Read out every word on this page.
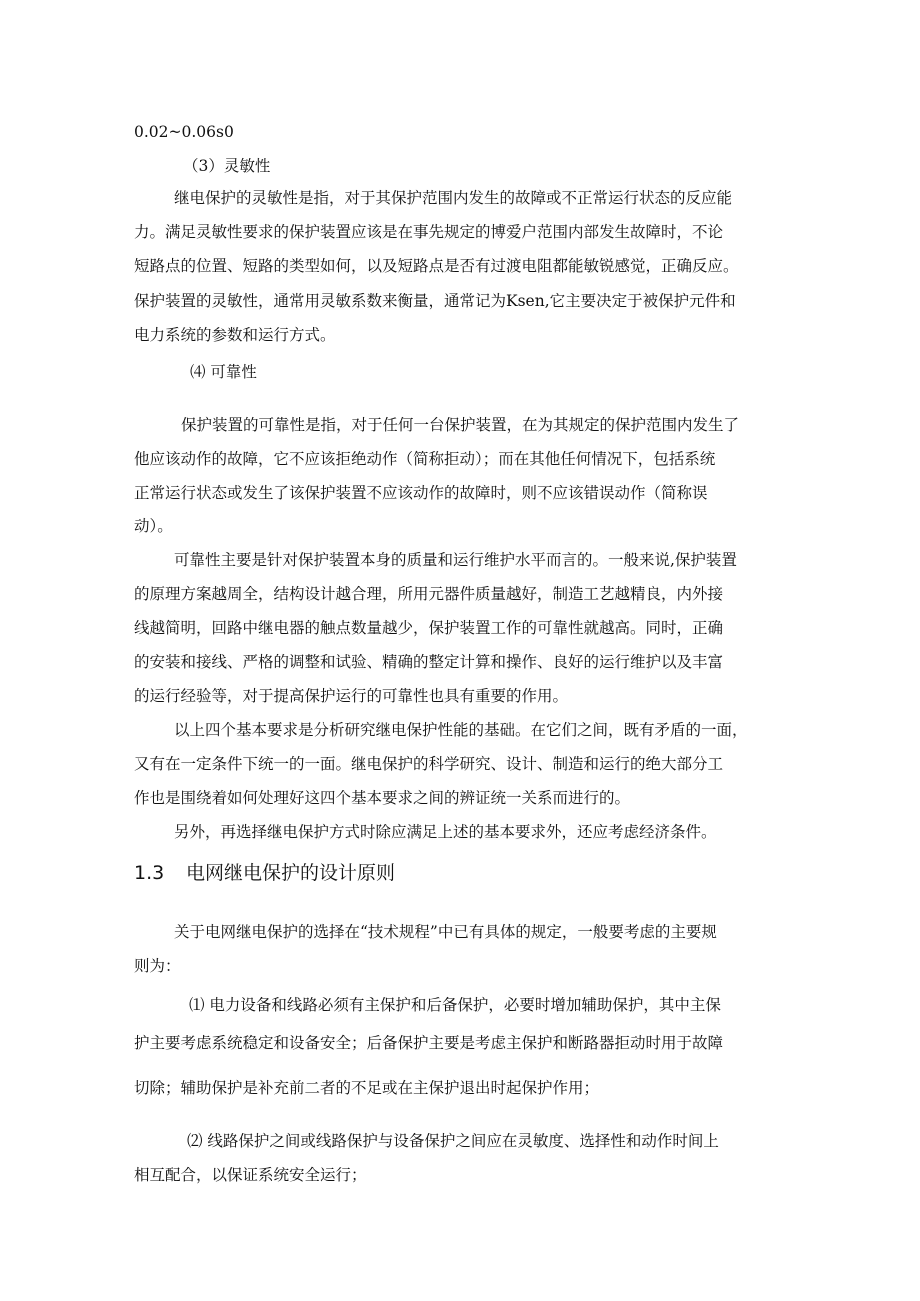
0.02~0.06s0

（3）灵敏性

继电保护的灵敏性是指，对于其保护范围内发生的故障或不正常运行状态的反应能

力。满足灵敏性要求的保护装置应该是在事先规定的博爱户范围内部发生故障时，不论

短路点的位置、短路的类型如何，以及短路点是否有过渡电阻都能敏锐感觉，正确反应。

保护装置的灵敏性，通常用灵敏系数来衡量，通常记为Ksen,它主要决定于被保护元件和

电力系统的参数和运行方式。

⑷ 可靠性

保护装置的可靠性是指，对于任何一台保护装置，在为其规定的保护范围内发生了

他应该动作的故障，它不应该拒绝动作（简称拒动）；而在其他任何情况下，包括系统

正常运行状态或发生了该保护装置不应该动作的故障时，则不应该错误动作（简称误

动）。

可靠性主要是针对保护装置本身的质量和运行维护水平而言的。一般来说,保护装置

的原理方案越周全，结构设计越合理，所用元器件质量越好，制造工艺越精良，内外接

线越简明，回路中继电器的触点数量越少，保护装置工作的可靠性就越高。同时，正确

的安装和接线、严格的调整和试验、精确的整定计算和操作、良好的运行维护以及丰富

的运行经验等，对于提高保护运行的可靠性也具有重要的作用。

以上四个基本要求是分析研究继电保护性能的基础。在它们之间，既有矛盾的一面，

又有在一定条件下统一的一面。继电保护的科学研究、设计、制造和运行的绝大部分工

作也是围绕着如何处理好这四个基本要求之间的辨证统一关系而进行的。

另外，再选择继电保护方式时除应满足上述的基本要求外，还应考虑经济条件。

1.3 电网继电保护的设计原则

关于电网继电保护的选择在“技术规程”中已有具体的规定，一般要考虑的主要规

则为：

⑴ 电力设备和线路必须有主保护和后备保护，必要时增加辅助保护，其中主保

护主要考虑系统稳定和设备安全；后备保护主要是考虑主保护和断路器拒动时用于故障

切除；辅助保护是补充前二者的不足或在主保护退出时起保护作用；

⑵ 线路保护之间或线路保护与设备保护之间应在灵敏度、选择性和动作时间上

相互配合，以保证系统安全运行；
